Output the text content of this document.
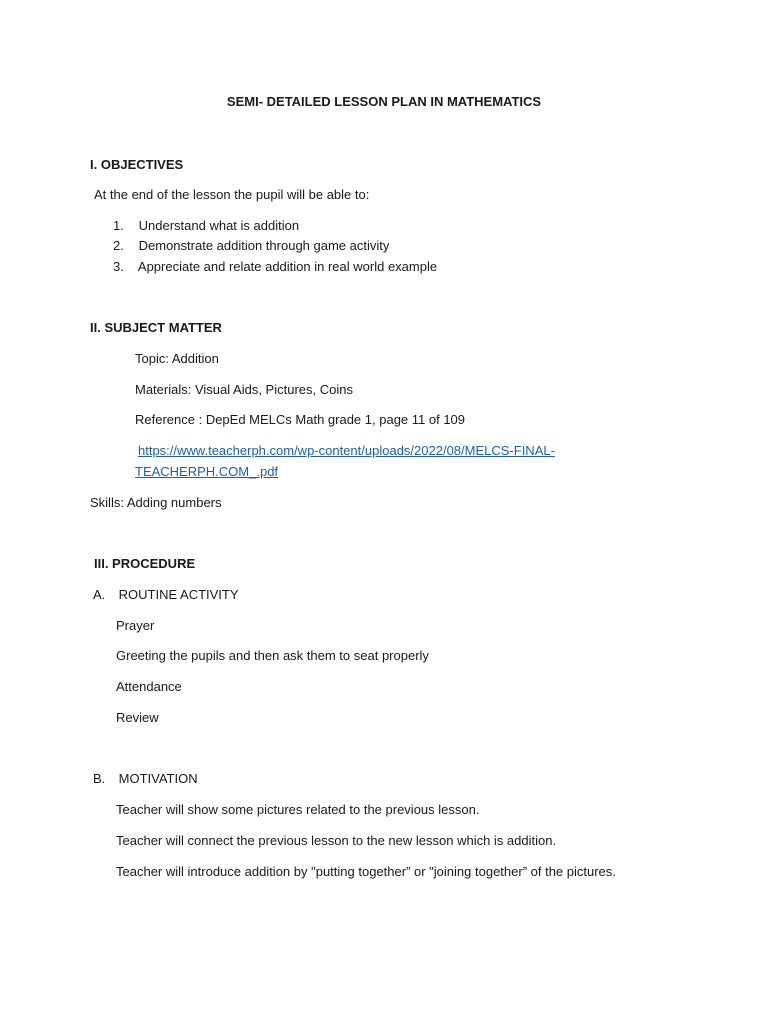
SEMI- DETAILED LESSON PLAN IN MATHEMATICS
I. OBJECTIVES
At the end of the lesson the pupil will be able to:
1. Understand what is addition
2. Demonstrate addition through game activity
3. Appreciate and relate addition in real world example
II. SUBJECT MATTER
Topic: Addition
Materials: Visual Aids, Pictures, Coins
Reference : DepEd MELCs Math grade 1, page 11 of 109
https://www.teacherph.com/wp-content/uploads/2022/08/MELCS-FINAL-
TEACHERPH.COM_.pdf
Skills: Adding numbers
III. PROCEDURE
A. ROUTINE ACTIVITY
Prayer
Greeting the pupils and then ask them to seat properly
Attendance
Review
B. MOTIVATION
Teacher will show some pictures related to the previous lesson.
Teacher will connect the previous lesson to the new lesson which is addition.
Teacher will introduce addition by "putting together” or "joining together” of the pictures.
